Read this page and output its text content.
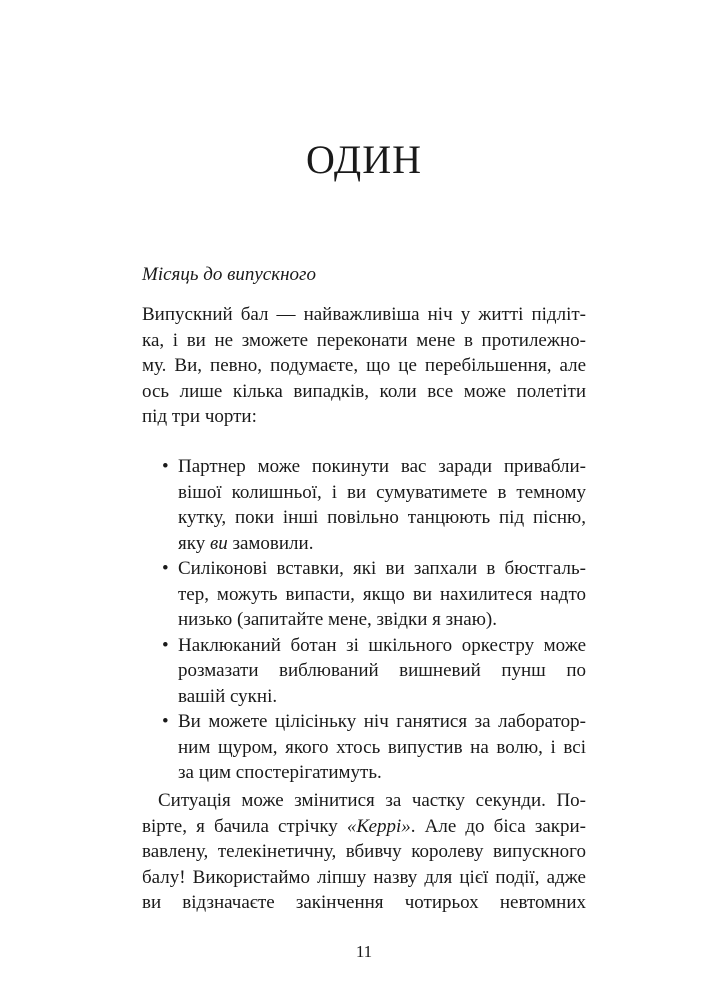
ОДИН

Місяць до випускного

Випускний бал — найважливіша ніч у житті підліт-
ка, і ви не зможете переконати мене в протилежно-
му. Ви, певно, подумаєте, що це перебільшення, але
ось лише кілька випадків, коли все може полетіти
під три чорти:
• Партнер може покинути вас заради привабли-
вішої колишньої, і ви сумуватимете в темному
кутку, поки інші повільно танцюють під пісню,
яку ви замовили.
• Силіконові вставки, які ви запхали в бюстгаль-
тер, можуть випасти, якщо ви нахилитеся надто
низько (запитайте мене, звідки я знаю).
• Наклюканий ботан зі шкільного оркестру може
розмазати виблюваний вишневий пунш по
вашій сукні.
• Ви можете цілісіньку ніч ганятися за лаборатор-
ним щуром, якого хтось випустив на волю, і всі
за цим спостерігатимуть.
Ситуація може змінитися за частку секунди. По-
вірте, я бачила стрічку «Керрі». Але до біса закри-
вавлену, телекінетичну, вбивчу королеву випускного
балу! Використаймо ліпшу назву для цієї події, адже
ви відзначаєте закінчення чотирьох невтомних
11
